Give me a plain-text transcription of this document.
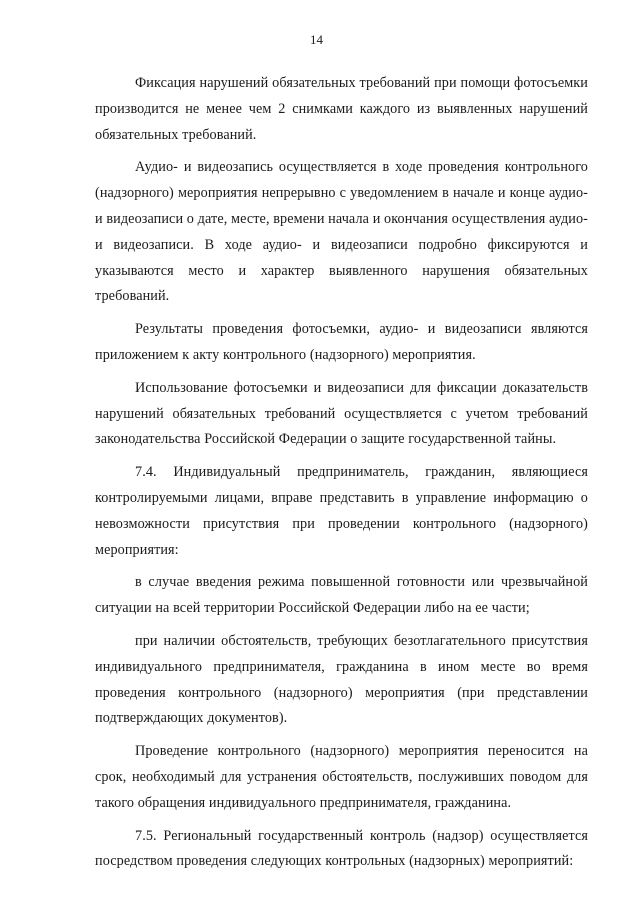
14

Фиксация нарушений обязательных требований при помощи фотосъемки производится не менее чем 2 снимками каждого из выявленных нарушений обязательных требований.

Аудио- и видеозапись осуществляется в ходе проведения контрольного (надзорного) мероприятия непрерывно с уведомлением в начале и конце аудио- и видеозаписи о дате, месте, времени начала и окончания осуществления аудио- и видеозаписи. В ходе аудио- и видеозаписи подробно фиксируются и указываются место и характер выявленного нарушения обязательных требований.

Результаты проведения фотосъемки, аудио- и видеозаписи являются приложением к акту контрольного (надзорного) мероприятия.

Использование фотосъемки и видеозаписи для фиксации доказательств нарушений обязательных требований осуществляется с учетом требований законодательства Российской Федерации о защите государственной тайны.

7.4. Индивидуальный предприниматель, гражданин, являющиеся контролируемыми лицами, вправе представить в управление информацию о невозможности присутствия при проведении контрольного (надзорного) мероприятия:

в случае введения режима повышенной готовности или чрезвычайной ситуации на всей территории Российской Федерации либо на ее части;

при наличии обстоятельств, требующих безотлагательного присутствия индивидуального предпринимателя, гражданина в ином месте во время проведения контрольного (надзорного) мероприятия (при представлении подтверждающих документов).

Проведение контрольного (надзорного) мероприятия переносится на срок, необходимый для устранения обстоятельств, послуживших поводом для такого обращения индивидуального предпринимателя, гражданина.

7.5. Региональный государственный контроль (надзор) осуществляется посредством проведения следующих контрольных (надзорных) мероприятий:
